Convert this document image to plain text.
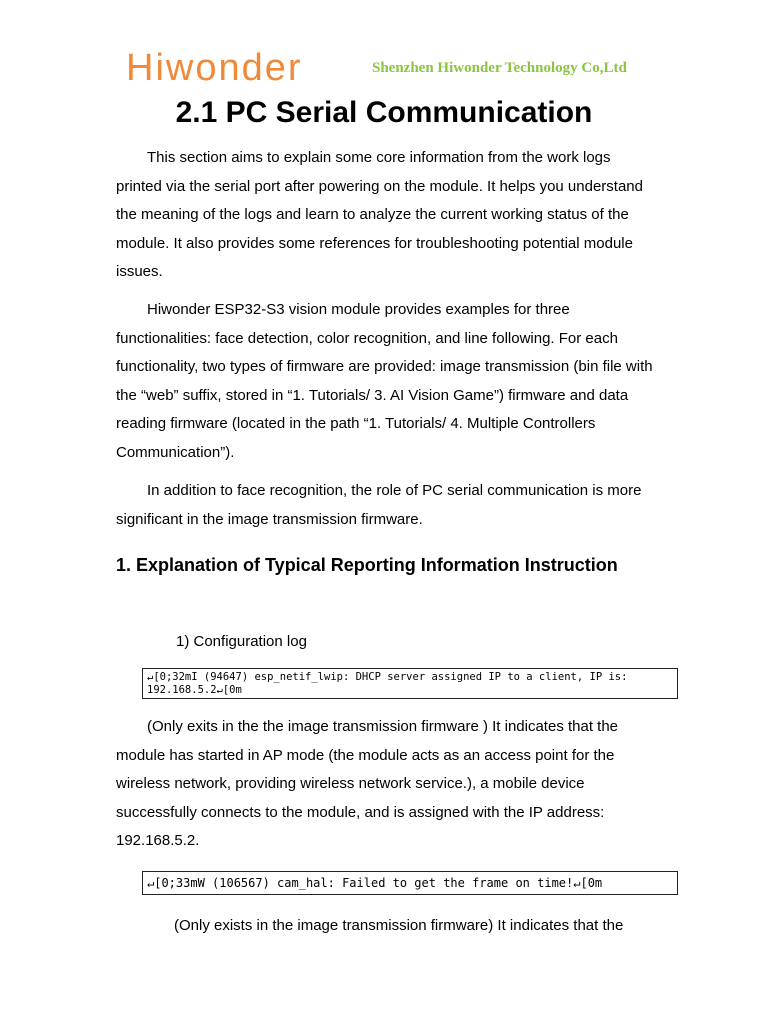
Hiwonder	Shenzhen Hiwonder Technology Co,Ltd
2.1 PC Serial Communication

This section aims to explain some core information from the work logs printed via the serial port after powering on the module. It helps you understand the meaning of the logs and learn to analyze the current working status of the module. It also provides some references for troubleshooting potential module issues.

Hiwonder ESP32-S3 vision module provides examples for three functionalities: face detection, color recognition, and line following. For each functionality, two types of firmware are provided: image transmission (bin file with the “web” suffix, stored in “1. Tutorials/ 3. AI Vision Game”) firmware and data reading firmware (located in the path “1. Tutorials/ 4. Multiple Controllers Communication”).

In addition to face recognition, the role of PC serial communication is more significant in the image transmission firmware.

1. Explanation of Typical Reporting Information Instruction
1) Configuration log
↵[0;32mI (94647) esp_netif_lwip: DHCP server assigned IP to a client, IP is:
192.168.5.2↵[0m

(Only exits in the the image transmission firmware ) It indicates that the module has started in AP mode (the module acts as an access point for the wireless network, providing wireless network service.), a mobile device successfully connects to the module, and is assigned with the IP address: 192.168.5.2.

↵[0;33mW (106567) cam_hal: Failed to get the frame on time!↵[0m

(Only exists in the image transmission firmware) It indicates that the
